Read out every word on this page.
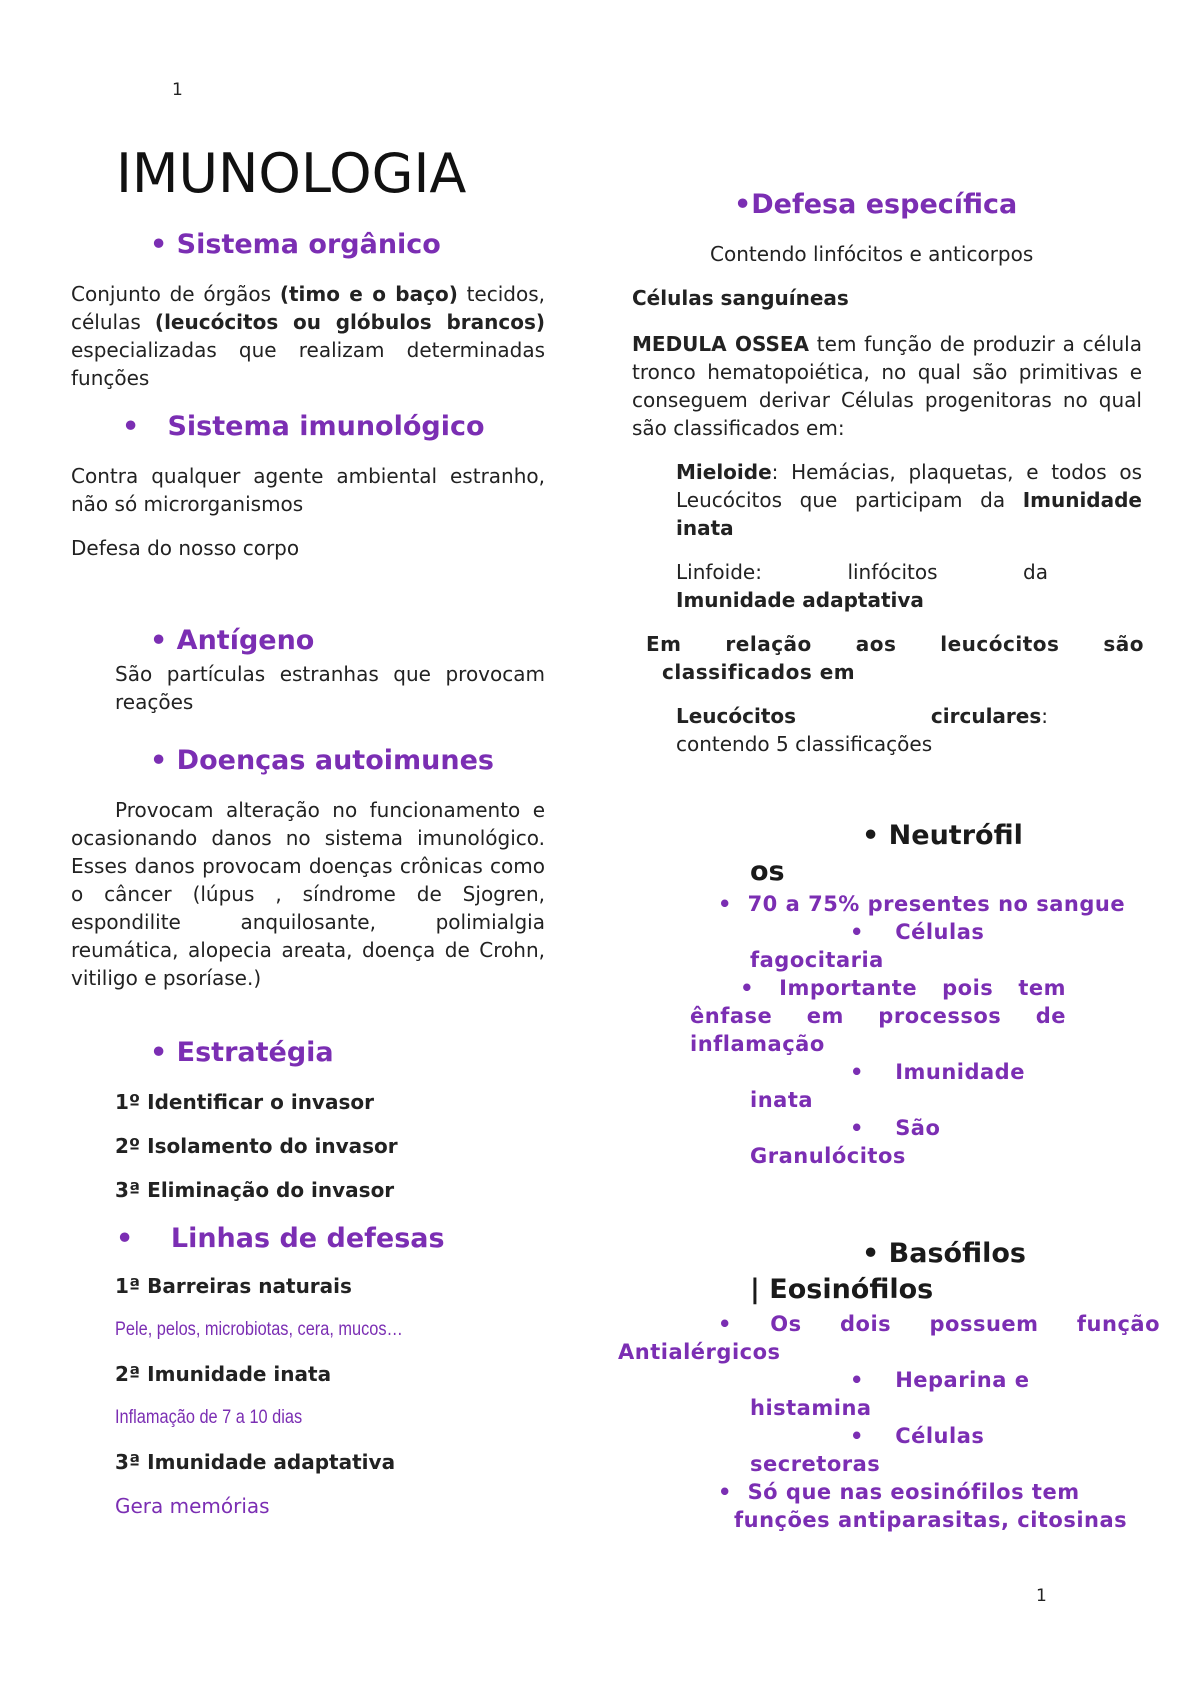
1
1
IMUNOLOGIA
• Sistema orgânico

Conjunto de órgãos (timo e o baço) tecidos, células (leucócitos ou glóbulos brancos) especializadas que realizam determinadas funções

•   Sistema imunológico

Contra qualquer agente ambiental estranho, não só microrganismos

Defesa do nosso corpo

• Antígeno

São partículas estranhas que provocam reações

• Doenças autoimunes

Provocam alteração no funcionamento e ocasionando danos no sistema imunológico. Esses danos provocam doenças crônicas como o câncer (lúpus , síndrome de Sjogren, espondilite anquilosante, polimialgia reumática, alopecia areata, doença de Crohn, vitiligo e psoríase.)

• Estratégia

1º Identificar o invasor

2º Isolamento do invasor

3ª Eliminação do invasor

•    Linhas de defesas

1ª Barreiras naturais

Pele, pelos, microbiotas, cera, mucos…

2ª Imunidade inata

Inflamação de 7 a 10 dias

3ª Imunidade adaptativa

Gera memórias

•Defesa específica

Contendo linfócitos e anticorpos

Células sanguíneas

MEDULA OSSEA tem função de produzir a célula tronco hematopoiética, no qual são primitivas e conseguem derivar Células progenitoras no qual são classificados em:

Mieloide: Hemácias, plaquetas, e todos os Leucócitos que participam da Imunidade inata

Linfoide: linfócitos da

Imunidade adaptativa

Em relação aos leucócitos são classificados em

Leucócitos circulares:

contendo 5 classificações

• Neutrófil
os
• 70 a 75% presentes no sangue
• Células
fagocitaria
• Importante pois tem ênfase em processos de inflamação
• Imunidade
inata
• São
Granulócitos
• Basófilos
| Eosinófilos
• Os dois possuem função
Antialérgicos
• Heparina e
histamina
• Células
secretoras
• Só que nas eosinófilos tem
funções antiparasitas, citosinas
